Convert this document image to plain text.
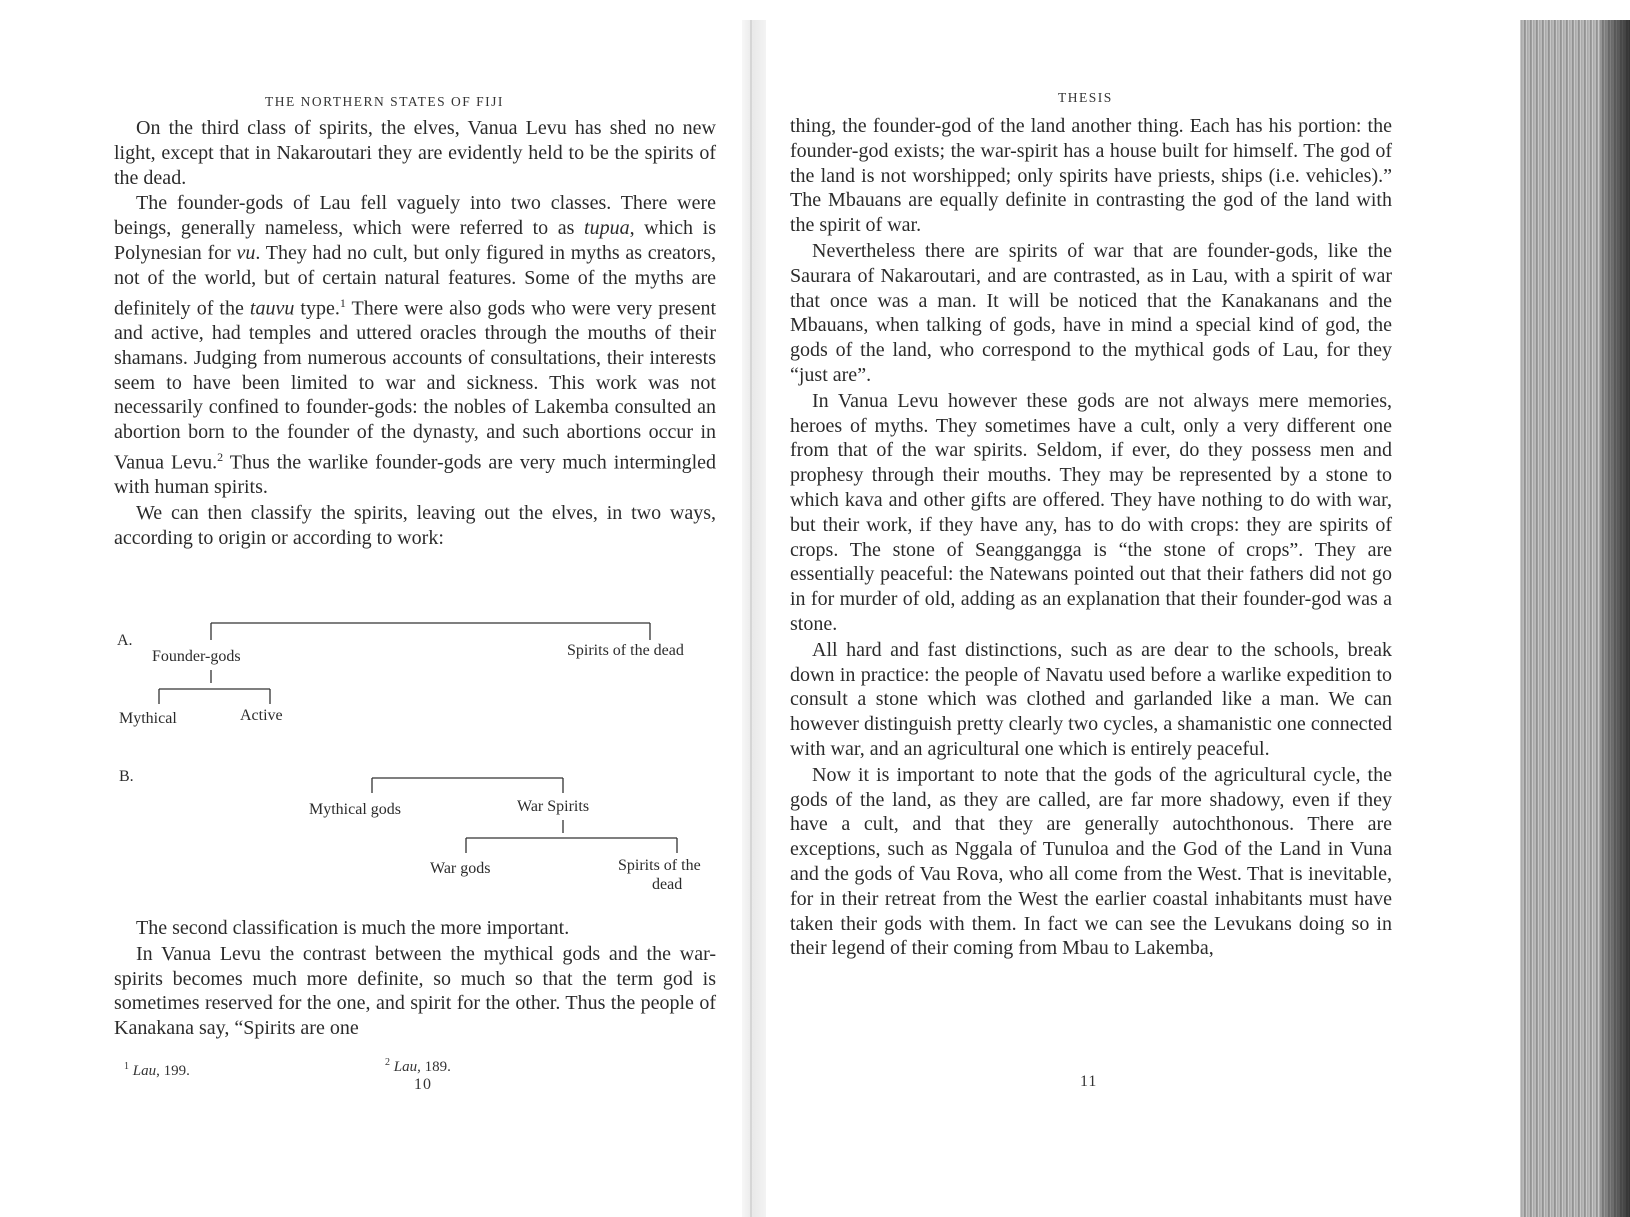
THE NORTHERN STATES OF FIJI

On the third class of spirits, the elves, Vanua Levu has shed no new light, except that in Nakaroutari they are evidently held to be the spirits of the dead.

The founder-gods of Lau fell vaguely into two classes. There were beings, generally nameless, which were referred to as tupua, which is Polynesian for vu. They had no cult, but only figured in myths as creators, not of the world, but of certain natural features. Some of the myths are definitely of the tauvu type.$^1$ There were also gods who were very present and active, had temples and uttered oracles through the mouths of their shamans. Judging from numerous accounts of consultations, their interests seem to have been limited to war and sickness. This work was not necessarily confined to founder-gods: the nobles of Lakemba consulted an abortion born to the founder of the dynasty, and such abortions occur in Vanua Levu.$^2$ Thus the warlike founder-gods are very much intermingled with human spirits.

We can then classify the spirits, leaving out the elves, in two ways, according to origin or according to work:

A.
Founder-gods	Spirits of the dead
Mythical	Active
B.
Mythical gods	War Spirits
War gods	Spirits of the
dead

The second classification is much the more important.

In Vanua Levu the contrast between the mythical gods and the war-spirits becomes much more definite, so much so that the term god is sometimes reserved for the one, and spirit for the other. Thus the people of Kanakana say, “Spirits are one

$^1$ Lau, 199.
$^2$ Lau, 189.
10
THESIS

thing, the founder-god of the land another thing. Each has his portion: the founder-god exists; the war-spirit has a house built for himself. The god of the land is not worshipped; only spirits have priests, ships (i.e. vehicles).” The Mbauans are equally definite in contrasting the god of the land with the spirit of war.

Nevertheless there are spirits of war that are founder-gods, like the Saurara of Nakaroutari, and are contrasted, as in Lau, with a spirit of war that once was a man. It will be noticed that the Kanakanans and the Mbauans, when talking of gods, have in mind a special kind of god, the gods of the land, who correspond to the mythical gods of Lau, for they “just are”.

In Vanua Levu however these gods are not always mere memories, heroes of myths. They sometimes have a cult, only a very different one from that of the war spirits. Seldom, if ever, do they possess men and prophesy through their mouths. They may be represented by a stone to which kava and other gifts are offered. They have nothing to do with war, but their work, if they have any, has to do with crops: they are spirits of crops. The stone of Seanggangga is “the stone of crops”. They are essentially peaceful: the Natewans pointed out that their fathers did not go in for murder of old, adding as an explanation that their founder-god was a stone.

All hard and fast distinctions, such as are dear to the schools, break down in practice: the people of Navatu used before a warlike expedition to consult a stone which was clothed and garlanded like a man. We can however distinguish pretty clearly two cycles, a shamanistic one connected with war, and an agricultural one which is entirely peaceful.

Now it is important to note that the gods of the agricultural cycle, the gods of the land, as they are called, are far more shadowy, even if they have a cult, and that they are generally autochthonous. There are exceptions, such as Nggala of Tunuloa and the God of the Land in Vuna and the gods of Vau Rova, who all come from the West. That is inevitable, for in their retreat from the West the earlier coastal inhabitants must have taken their gods with them. In fact we can see the Levukans doing so in their legend of their coming from Mbau to Lakemba,

11
